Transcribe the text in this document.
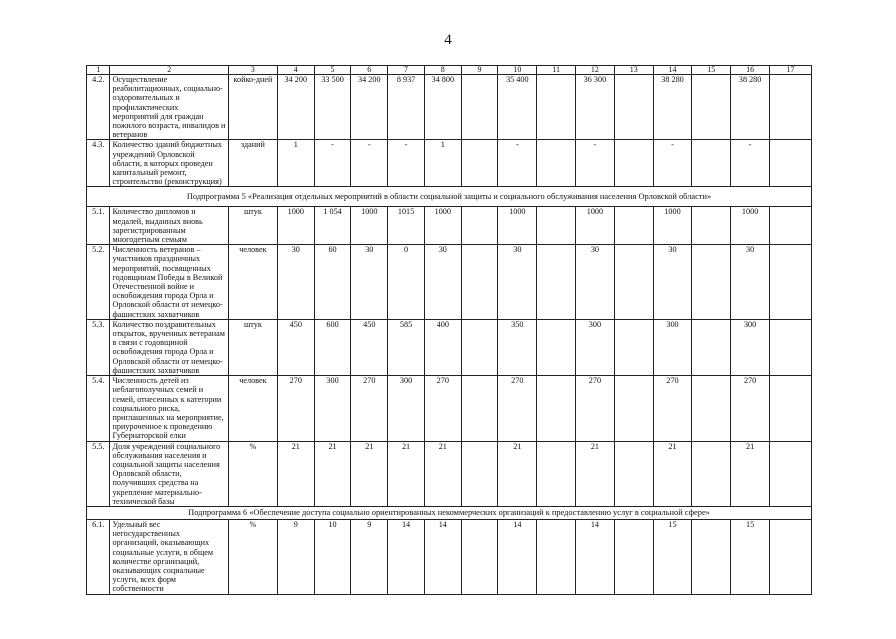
4
1	2	3	4	5	6	7	8	9	10	11	12	13	14	15	16	17
4.2.	Осуществление реабилитационных, социально-оздоровительных и профилактических мероприятий для граждан пожилого возраста, инвалидов и ветеранов	койко-дней	34 200	33 500	34 200	8 937	34 800		35 400		36 300		38 280		38 280	
4.3.	Количество зданий бюджетных учреждений Орловской области, в которых проведен капитальный ремонт, строительство (реконструкция)	зданий	1	-	-	-	1		-		-		-		-	
Подпрограмма 5 «Реализация отдельных мероприятий в области социальной защиты и социального обслуживания населения Орловской области»																
5.1.	Количество дипломов и медалей, выданных вновь зарегистрированным многодетным семьям	штук	1000	1 054	1000	1015	1000		1000		1000		1000		1000	
5.2.	Численность ветеранов – участников праздничных мероприятий, посвященных годовщинам Победы в Великой Отечественной войне и освобождения города Орла и Орловской области от немецко-фашистских захватчиков	человек	30	60	30	0	30		30		30		30		30	
5.3.	Количество поздравительных открыток, врученных ветеранам в связи с годовщиной освобождения города Орла и Орловской области от немецко-фашистских захватчиков	штук	450	600	450	585	400		350		300		300		300	
5.4.	Численность детей из неблагополучных семей и семей, отнесенных к категории социального риска, приглашенных на мероприятие, приуроченное к проведению Губернаторской елки	человек	270	300	270	300	270		270		270		270		270	
5.5.	Доля учреждений социального обслуживания населения и социальной защиты населения Орловской области, получивших средства на укрепление материально-технической базы	%	21	21	21	21	21		21		21		21		21	
Подпрограмма 6 «Обеспечение доступа социально ориентированных некоммерческих организаций к предоставлению услуг в социальной сфере»																
6.1.	Удельный вес негосударственных организаций, оказывающих социальные услуги, в общем количестве организаций, оказывающих социальные услуги, всех форм собственности	%	9	10	9	14	14		14		14		15		15	
